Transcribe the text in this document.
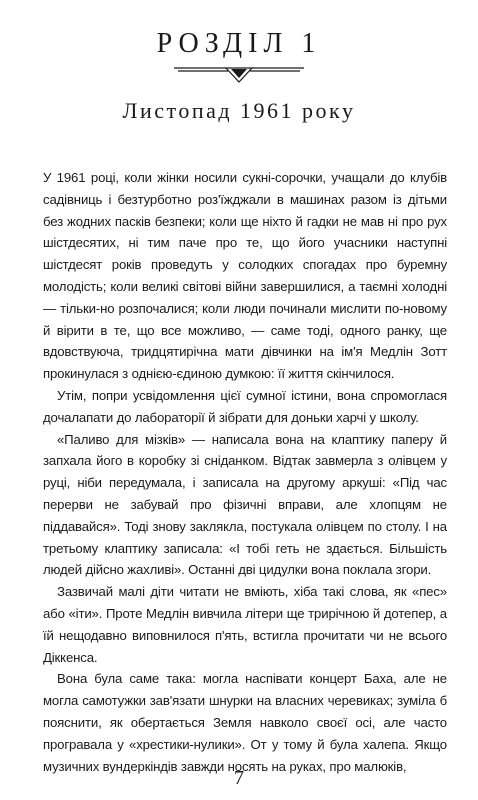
РОЗДІЛ 1
Листопад 1961 року

У 1961 році, коли жінки носили сукні-сорочки, учащали до клубів садівниць і безтурботно роз'їжджали в машинах разом із дітьми без жодних пасків безпеки; коли ще ніхто й гадки не мав ні про рух шістдесятих, ні тим паче про те, що його учасники наступні шістдесят років проведуть у солодких спогадах про буремну молодість; коли великі світові війни завершилися, а таємні холодні — тільки-но розпочалися; коли люди починали мислити по-новому й вірити в те, що все можливо, — саме тоді, одного ранку, ще вдовствуюча, тридцятирічна мати дівчинки на ім'я Медлін Зотт прокинулася з однією-єдиною думкою: її життя скінчилося.

Утім, попри усвідомлення цієї сумної істини, вона спромоглася дочалапати до лабораторії й зібрати для доньки харчі у школу.

«Паливо для мізків» — написала вона на клаптику паперу й запхала його в коробку зі сніданком. Відтак завмерла з олівцем у руці, ніби передумала, і записала на другому аркуші: «Під час перерви не забувай про фізичні вправи, але хлопцям не піддавайся». Тоді знову заклякла, постукала олівцем по столу. І на третьому клаптику записала: «І тобі геть не здається. Більшість людей дійсно жахливі». Останні дві цидулки вона поклала згори.

Зазвичай малі діти читати не вміють, хіба такі слова, як «пес» або «іти». Проте Медлін вивчила літери ще трирічною й дотепер, а їй нещодавно виповнилося п'ять, встигла прочитати чи не всього Діккенса.

Вона була саме така: могла наспівати концерт Баха, але не могла самотужки зав'язати шнурки на власних черевиках; зуміла б пояснити, як обертається Земля навколо своєї осі, але часто програвала у «хрестики-нулики». От у тому й була халепа. Якщо музичних вундеркіндів завжди носять на руках, про малюків,

7
